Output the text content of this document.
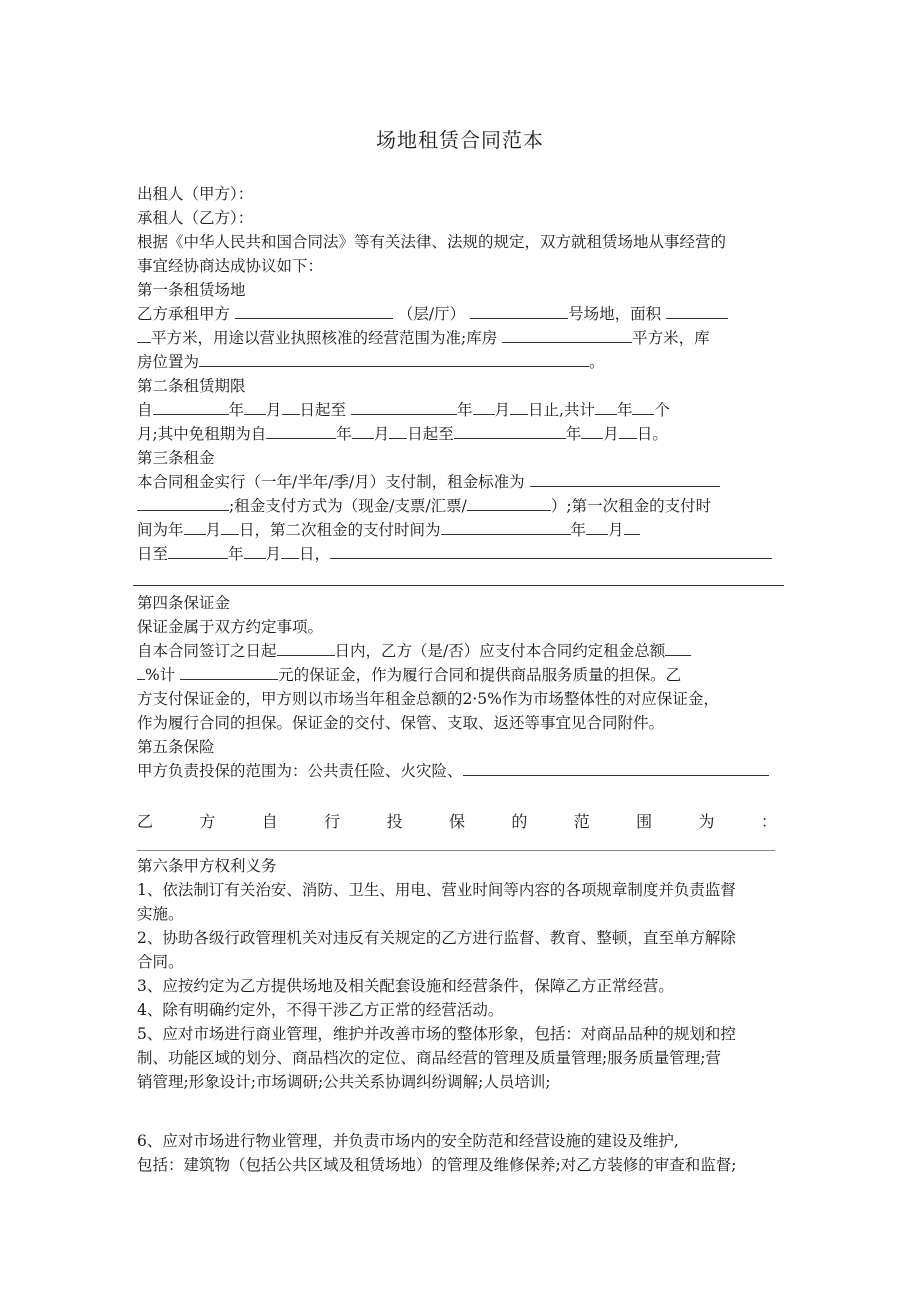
场地租赁合同范本
出租人（甲方）：
承租人（乙方）：
根据《中华人民共和国合同法》等有关法律、法规的规定，双方就租赁场地从事经营的
事宜经协商达成协议如下：
第一条租赁场地
乙方承租甲方	（层/厅）	号场地，面积
平方米，用途以营业执照核准的经营范围为准;库房	平方米，库
房位置为	。
第二条租赁期限
自	年 月 日起至	年 月 日止,共计 年 个
月;其中免租期为自	年 月 日起至	年 月 日。
第三条租金
本合同租金实行（一年/半年/季/月）支付制，租金标准为
;租金支付方式为（现金/支票/汇票/	）;第一次租金的支付时
间为年 月 日，第二次租金的支付时间为	年 月
日至	年 月 日，
第四条保证金
保证金属于双方约定事项。
自本合同签订之日起	日内，乙方（是/否）应支付本合同约定租金总额
%计	元的保证金，作为履行合同和提供商品服务质量的担保。乙
方支付保证金的，甲方则以市场当年租金总额的2·5%作为市场整体性的对应保证金，
作为履行合同的担保。保证金的交付、保管、支取、返还等事宜见合同附件。
第五条保险
甲方负责投保的范围为：公共责任险、火灾险、
乙	方	自	行	投	保	的	范	围	为	：
第六条甲方权利义务
1、依法制订有关治安、消防、卫生、用电、营业时间等内容的各项规章制度并负责监督
实施。
2、协助各级行政管理机关对违反有关规定的乙方进行监督、教育、整顿，直至单方解除
合同。
3、应按约定为乙方提供场地及相关配套设施和经营条件，保障乙方正常经营。
4、除有明确约定外，不得干涉乙方正常的经营活动。
5、应对市场进行商业管理，维护并改善市场的整体形象，包括：对商品品种的规划和控
制、功能区域的划分、商品档次的定位、商品经营的管理及质量管理;服务质量管理;营
销管理;形象设计;市场调研;公共关系协调纠纷调解;人员培训;
6、应对市场进行物业管理，并负责市场内的安全防范和经营设施的建设及维护,
包括：建筑物（包括公共区域及租赁场地）的管理及维修保养;对乙方装修的审查和监督;
